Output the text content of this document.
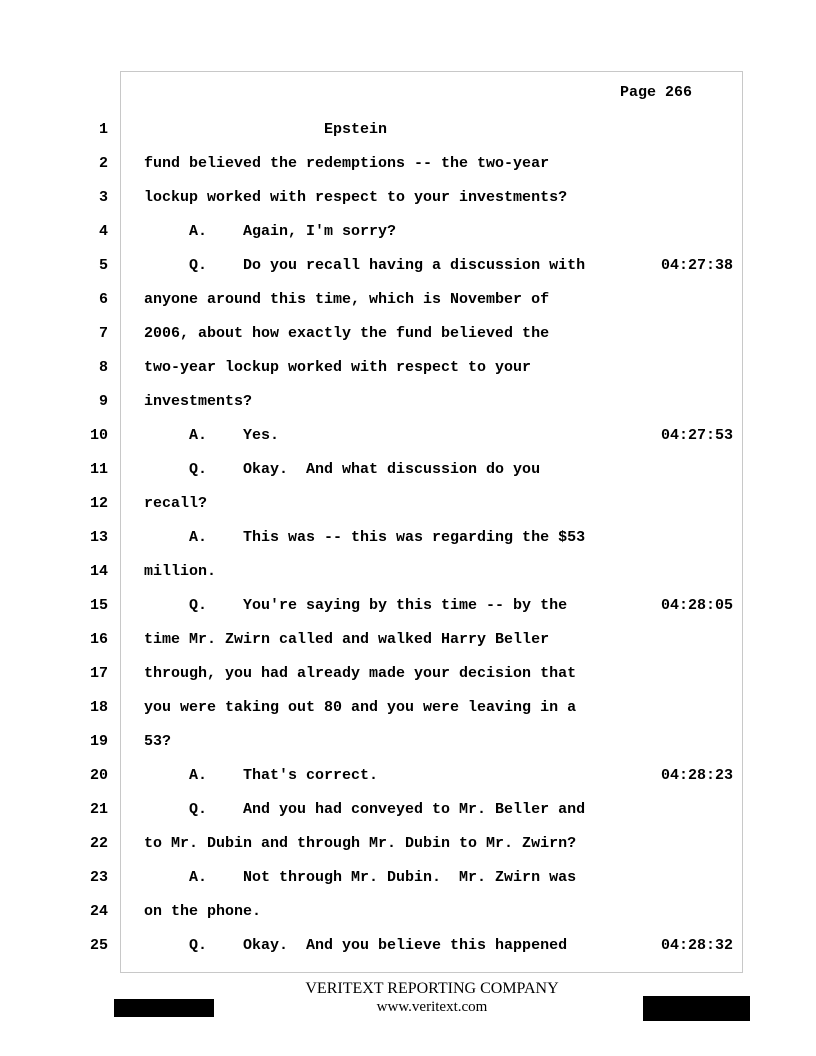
Page 266
1 Epstein
2 fund believed the redemptions -- the two-year
3 lockup worked with respect to your investments?
4 A.    Again, I'm sorry?
5 Q.    Do you recall having a discussion with	04:27:38
6 anyone around this time, which is November of
7 2006, about how exactly the fund believed the
8 two-year lockup worked with respect to your
9 investments?
10 A.    Yes.	04:27:53
11 Q.    Okay.  And what discussion do you
12 recall?
13 A.    This was -- this was regarding the $53
14 million.
15 Q.    You're saying by this time -- by the	04:28:05
16 time Mr. Zwirn called and walked Harry Beller
17 through, you had already made your decision that
18 you were taking out 80 and you were leaving in a
19 53?
20 A.    That's correct.	04:28:23
21 Q.    And you had conveyed to Mr. Beller and
22 to Mr. Dubin and through Mr. Dubin to Mr. Zwirn?
23 A.    Not through Mr. Dubin.  Mr. Zwirn was
24 on the phone.
25 Q.    Okay.  And you believe this happened	04:28:32
VERITEXT REPORTING COMPANY
www.veritext.com
